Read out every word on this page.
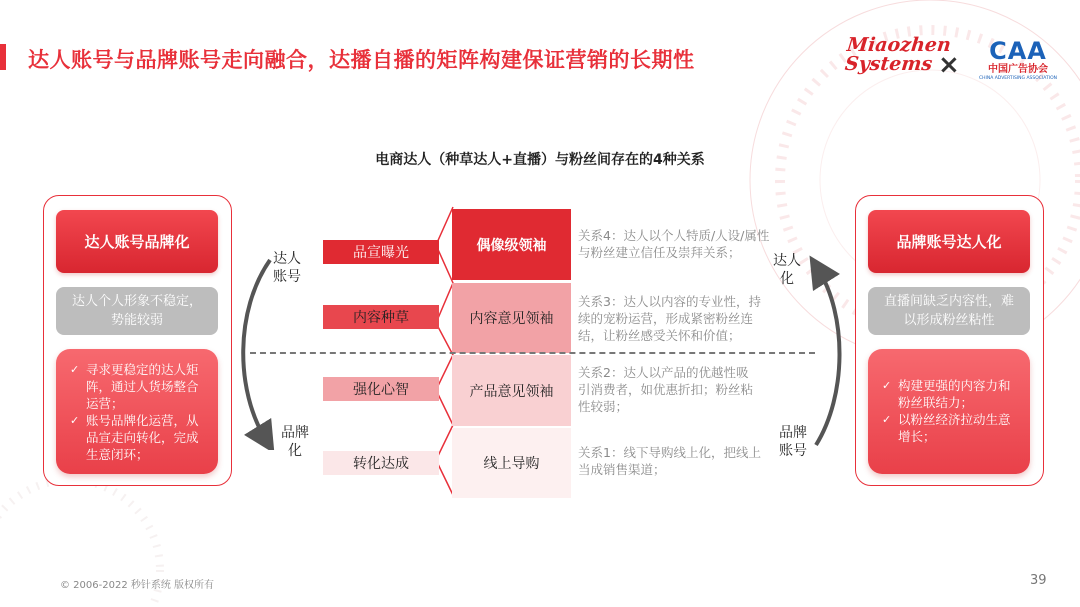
达人账号与品牌账号走向融合，达播自播的矩阵构建保证营销的长期性
Miaozhen
Systems ×	CAA
中国广告协会
CHINA ADVERTISING ASSOCIATION
电商达人（种草达人+直播）与粉丝间存在的4种关系
达人账号品牌化
达人个人形象不稳定，势能较弱
✓ 寻求更稳定的达人矩阵，通过人货场整合运营；
✓ 账号品牌化运营，从品宣走向转化，完成生意闭环；
品牌账号达人化
直播间缺乏内容性，难以形成粉丝粘性
✓ 构建更强的内容力和粉丝联结力；
✓ 以粉丝经济拉动生意增长；
达人账号
品牌化
达人化
品牌账号
品宣曝光
内容种草
强化心智
转化达成
偶像级领袖
内容意见领袖
产品意见领袖
线上导购
关系4：达人以个人特质/人设/属性与粉丝建立信任及崇拜关系；
关系3：达人以内容的专业性，持续的宠粉运营，形成紧密粉丝连结，让粉丝感受关怀和价值；
关系2：达人以产品的优越性吸引消费者，如优惠折扣；粉丝粘性较弱；
关系1：线下导购线上化，把线上当成销售渠道；
© 2006-2022 秒针系统 版权所有	39
